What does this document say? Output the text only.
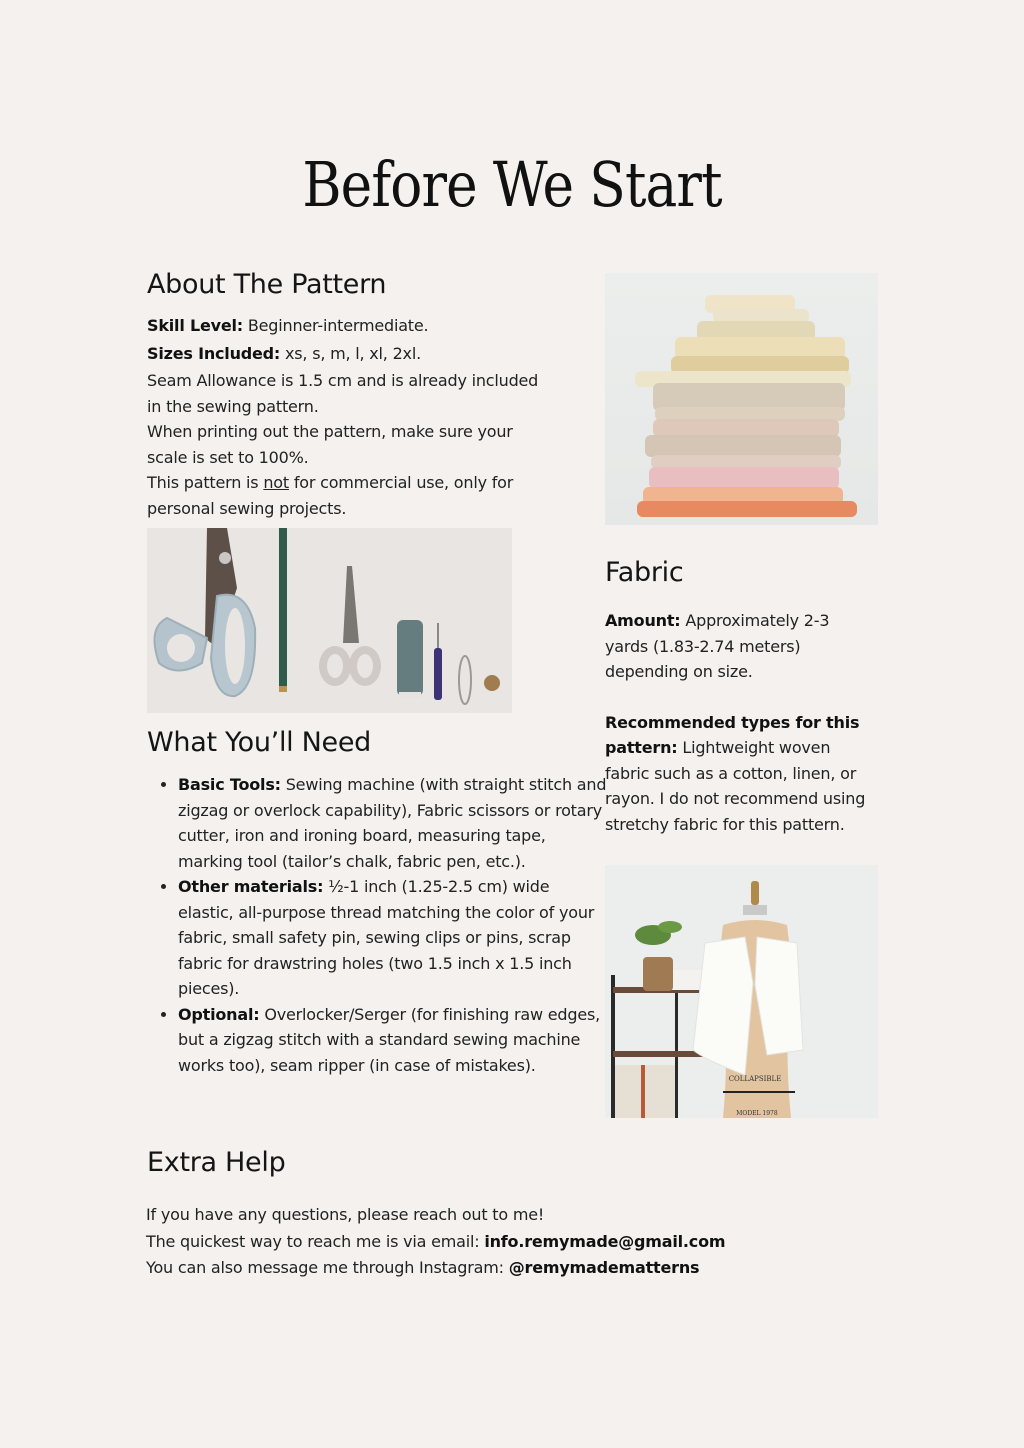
Before We Start
About The Pattern
Skill Level: Beginner-intermediate.
Sizes Included: xs, s, m, l, xl, 2xl.
Seam Allowance is 1.5 cm and is already included
in the sewing pattern.
When printing out the pattern, make sure your
scale is set to 100%.
This pattern is not for commercial use, only for
personal sewing projects.
What You’ll Need
• Basic Tools: Sewing machine (with straight stitch and zigzag or overlock capability), Fabric scissors or rotary cutter, iron and ironing board, measuring tape, marking tool (tailor’s chalk, fabric pen, etc.).
• Other materials: ½-1 inch (1.25-2.5 cm) wide elastic, all-purpose thread matching the color of your fabric, small safety pin, sewing clips or pins, scrap fabric for drawstring holes (two 1.5 inch x 1.5 inch pieces).
• Optional: Overlocker/Serger (for finishing raw edges, but a zigzag stitch with a standard sewing machine works too), seam ripper (in case of mistakes).
Fabric
Amount: Approximately 2-3
yards (1.83-2.74 meters)
depending on size.
Recommended types for this
pattern: Lightweight woven
fabric such as a cotton, linen, or
rayon. I do not recommend using
stretchy fabric for this pattern.
COLLAPSIBLE
MODEL 1978
Extra Help
If you have any questions, please reach out to me!
The quickest way to reach me is via email: info.remymade@gmail.com
You can also message me through Instagram: @remymadematterns
